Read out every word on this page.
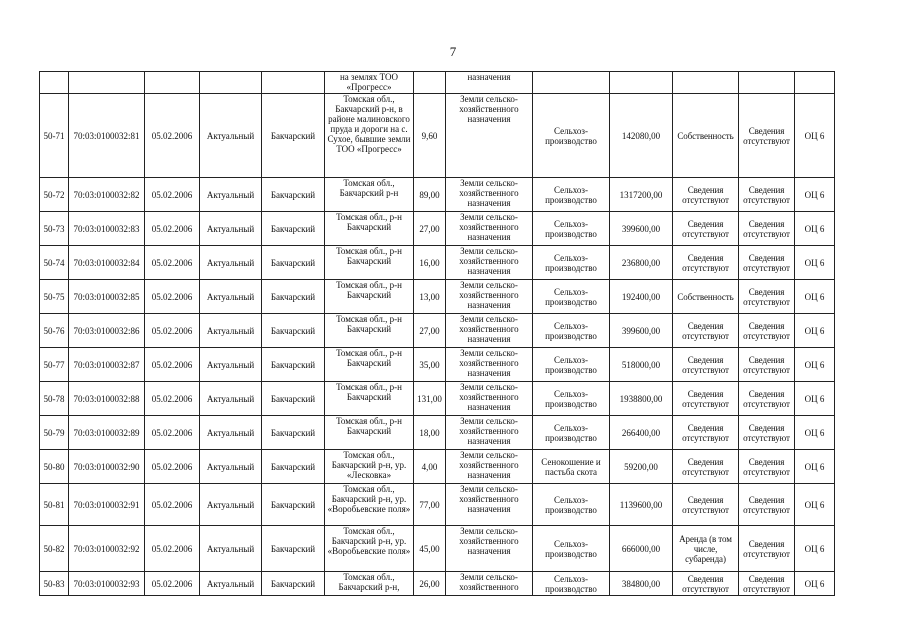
7
					на землях ТОО «Прогресс»		назначения					
50-71	70:03:0100032:81	05.02.2006	Актуальный	Бакчарский	Томская обл., Бакчарский р-н, в районе малиновского пруда и дороги на с. Сухое, бывшие земли ТОО «Прогресс»	9,60	Земли сельско-хозяйственного назначения	Сельхоз-производство	142080,00	Собственность	Сведения отсутствуют	ОЦ 6
50-72	70:03:0100032:82	05.02.2006	Актуальный	Бакчарский	Томская обл., Бакчарский р-н	89,00	Земли сельско-хозяйственного назначения	Сельхоз-производство	1317200,00	Сведения отсутствуют	Сведения отсутствуют	ОЦ 6
50-73	70:03:0100032:83	05.02.2006	Актуальный	Бакчарский	Томская обл., р-н Бакчарский	27,00	Земли сельско-хозяйственного назначения	Сельхоз-производство	399600,00	Сведения отсутствуют	Сведения отсутствуют	ОЦ 6
50-74	70:03:0100032:84	05.02.2006	Актуальный	Бакчарский	Томская обл., р-н Бакчарский	16,00	Земли сельско-хозяйственного назначения	Сельхоз-производство	236800,00	Сведения отсутствуют	Сведения отсутствуют	ОЦ 6
50-75	70:03:0100032:85	05.02.2006	Актуальный	Бакчарский	Томская обл., р-н Бакчарский	13,00	Земли сельско-хозяйственного назначения	Сельхоз-производство	192400,00	Собственность	Сведения отсутствуют	ОЦ 6
50-76	70:03:0100032:86	05.02.2006	Актуальный	Бакчарский	Томская обл., р-н Бакчарский	27,00	Земли сельско-хозяйственного назначения	Сельхоз-производство	399600,00	Сведения отсутствуют	Сведения отсутствуют	ОЦ 6
50-77	70:03:0100032:87	05.02.2006	Актуальный	Бакчарский	Томская обл., р-н Бакчарский	35,00	Земли сельско-хозяйственного назначения	Сельхоз-производство	518000,00	Сведения отсутствуют	Сведения отсутствуют	ОЦ 6
50-78	70:03:0100032:88	05.02.2006	Актуальный	Бакчарский	Томская обл., р-н Бакчарский	131,00	Земли сельско-хозяйственного назначения	Сельхоз-производство	1938800,00	Сведения отсутствуют	Сведения отсутствуют	ОЦ 6
50-79	70:03:0100032:89	05.02.2006	Актуальный	Бакчарский	Томская обл., р-н Бакчарский	18,00	Земли сельско-хозяйственного назначения	Сельхоз-производство	266400,00	Сведения отсутствуют	Сведения отсутствуют	ОЦ 6
50-80	70:03:0100032:90	05.02.2006	Актуальный	Бакчарский	Томская обл., Бакчарский р-н, ур. «Лесковка»	4,00	Земли сельско-хозяйственного назначения	Сенокошение и пастьба скота	59200,00	Сведения отсутствуют	Сведения отсутствуют	ОЦ 6
50-81	70:03:0100032:91	05.02.2006	Актуальный	Бакчарский	Томская обл., Бакчарский р-н, ур. «Воробьевские поля»	77,00	Земли сельско-хозяйственного назначения	Сельхоз-производство	1139600,00	Сведения отсутствуют	Сведения отсутствуют	ОЦ 6
50-82	70:03:0100032:92	05.02.2006	Актуальный	Бакчарский	Томская обл., Бакчарский р-н, ур. «Воробьевские поля»	45,00	Земли сельско-хозяйственного назначения	Сельхоз-производство	666000,00	Аренда (в том числе, субаренда)	Сведения отсутствуют	ОЦ 6
50-83	70:03:0100032:93	05.02.2006	Актуальный	Бакчарский	Томская обл., Бакчарский р-н,	26,00	Земли сельско-хозяйственного	Сельхоз-производство	384800,00	Сведения отсутствуют	Сведения отсутствуют	ОЦ 6
